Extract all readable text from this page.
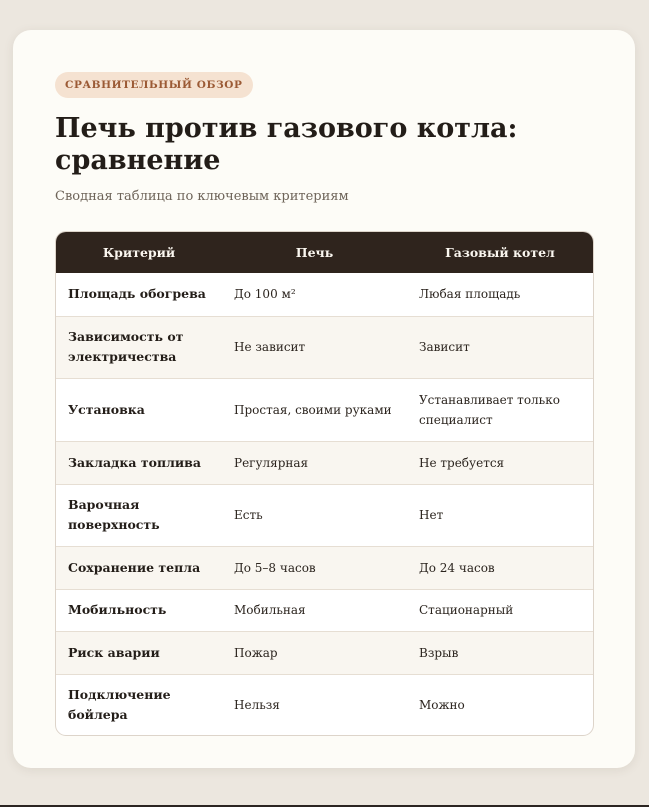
СРАВНИТЕЛЬНЫЙ ОБЗОР
Печь против газового котла: сравнение

Сводная таблица по ключевым критериям

Критерий	Печь	Газовый котел
Площадь обогрева	До 100 м²	Любая площадь
Зависимость от электричества	Не зависит	Зависит
Установка	Простая, своими руками	Устанавливает только специалист
Закладка топлива	Регулярная	Не требуется
Варочная поверхность	Есть	Нет
Сохранение тепла	До 5–8 часов	До 24 часов
Мобильность	Мобильная	Стационарный
Риск аварии	Пожар	Взрыв
Подключение бойлера	Нельзя	Можно
